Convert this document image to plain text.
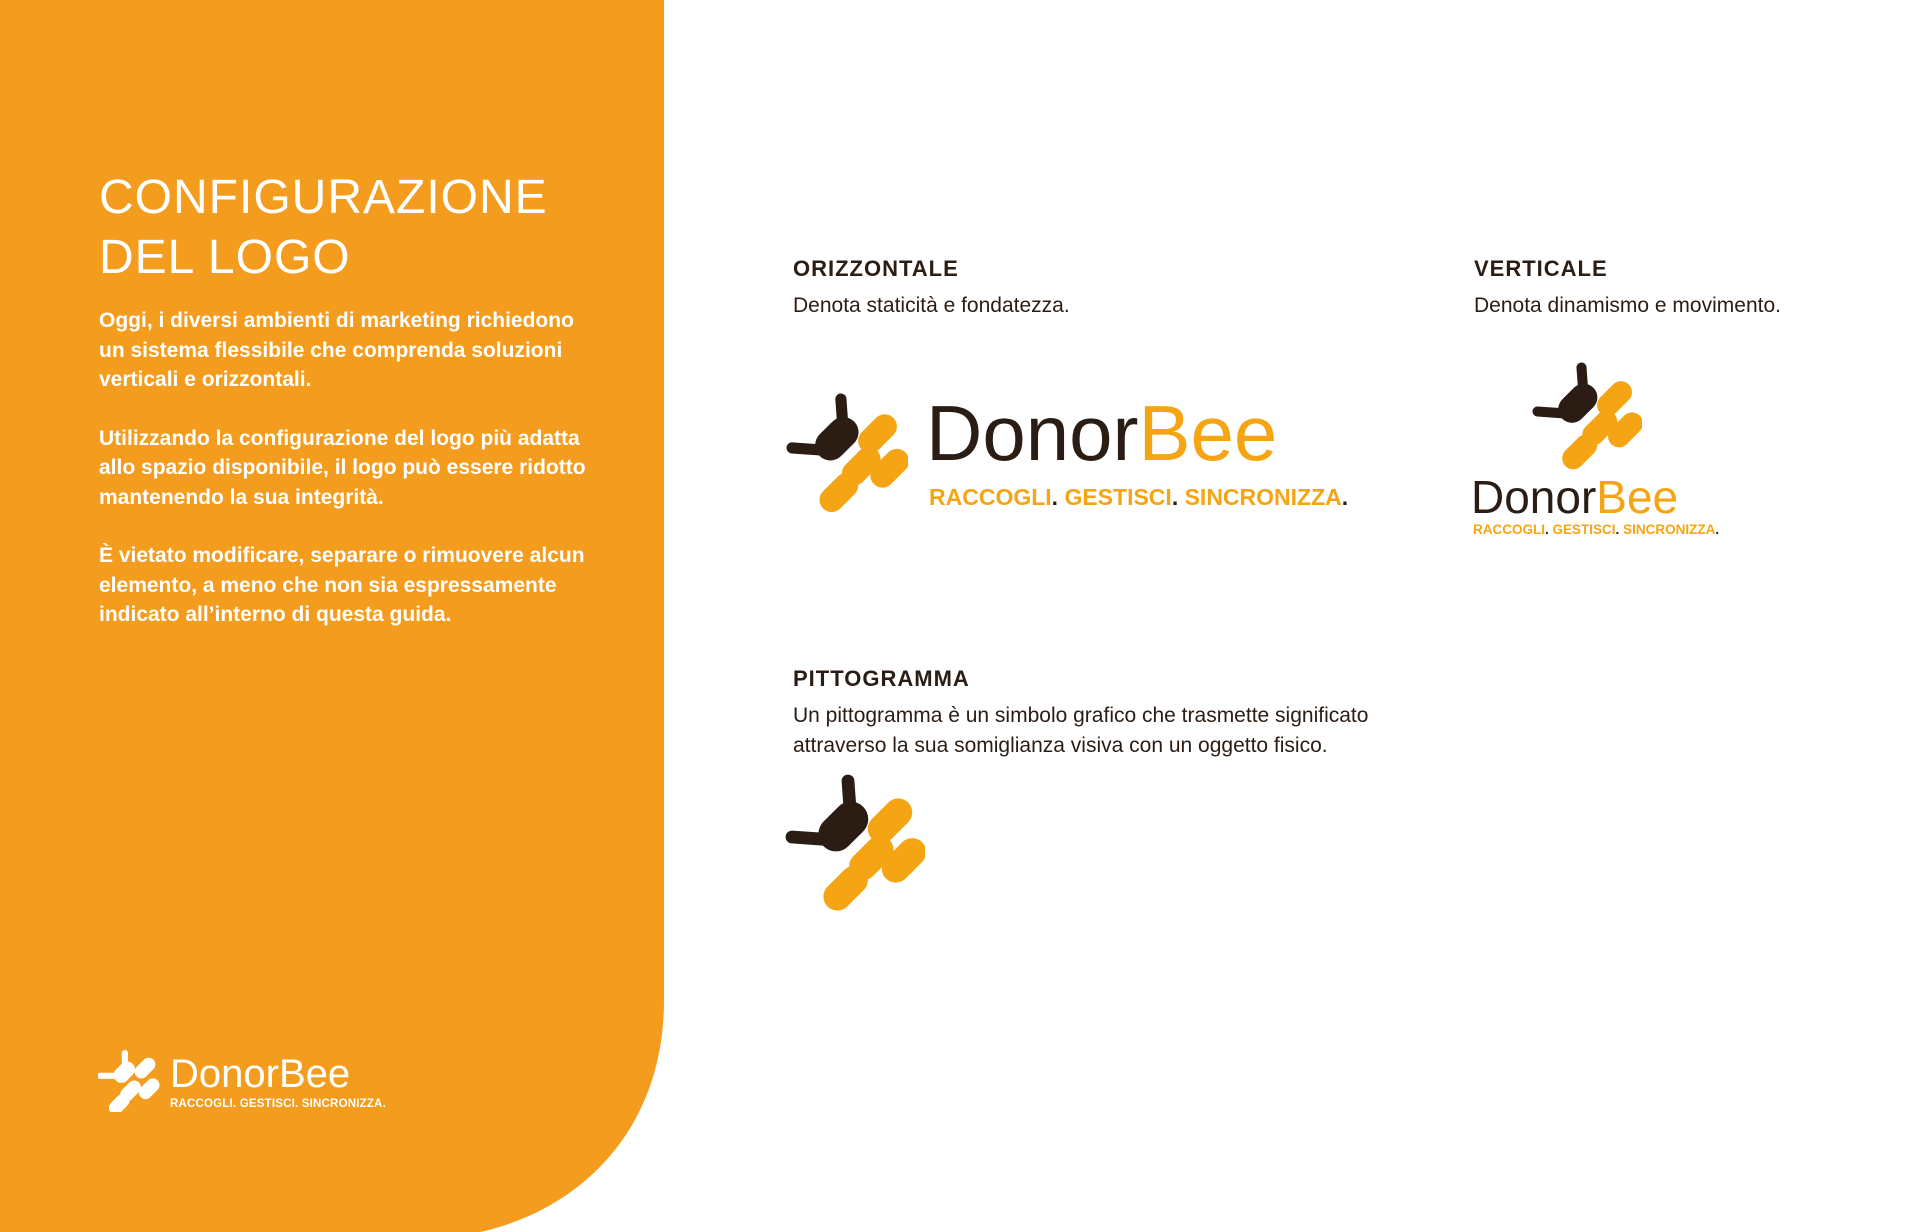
CONFIGURAZIONE
DEL LOGO

Oggi, i diversi ambienti di marketing richiedono un sistema flessibile che comprenda soluzioni verticali e orizzontali.

Utilizzando la configurazione del logo più adatta allo spazio disponibile, il logo può essere ridotto mantenendo la sua integrità.

È vietato modificare, separare o rimuovere alcun elemento, a meno che non sia espressamente indicato all’interno di questa guida.

DonorBee
RACCOGLI. GESTISCI. SINCRONIZZA.
ORIZZONTALE

Denota staticità e fondatezza.

DonorBee
RACCOGLI. GESTISCI. SINCRONIZZA.
VERTICALE

Denota dinamismo e movimento.

DonorBee
RACCOGLI. GESTISCI. SINCRONIZZA.
PITTOGRAMMA

Un pittogramma è un simbolo grafico che trasmette significato
attraverso la sua somiglianza visiva con un oggetto fisico.
